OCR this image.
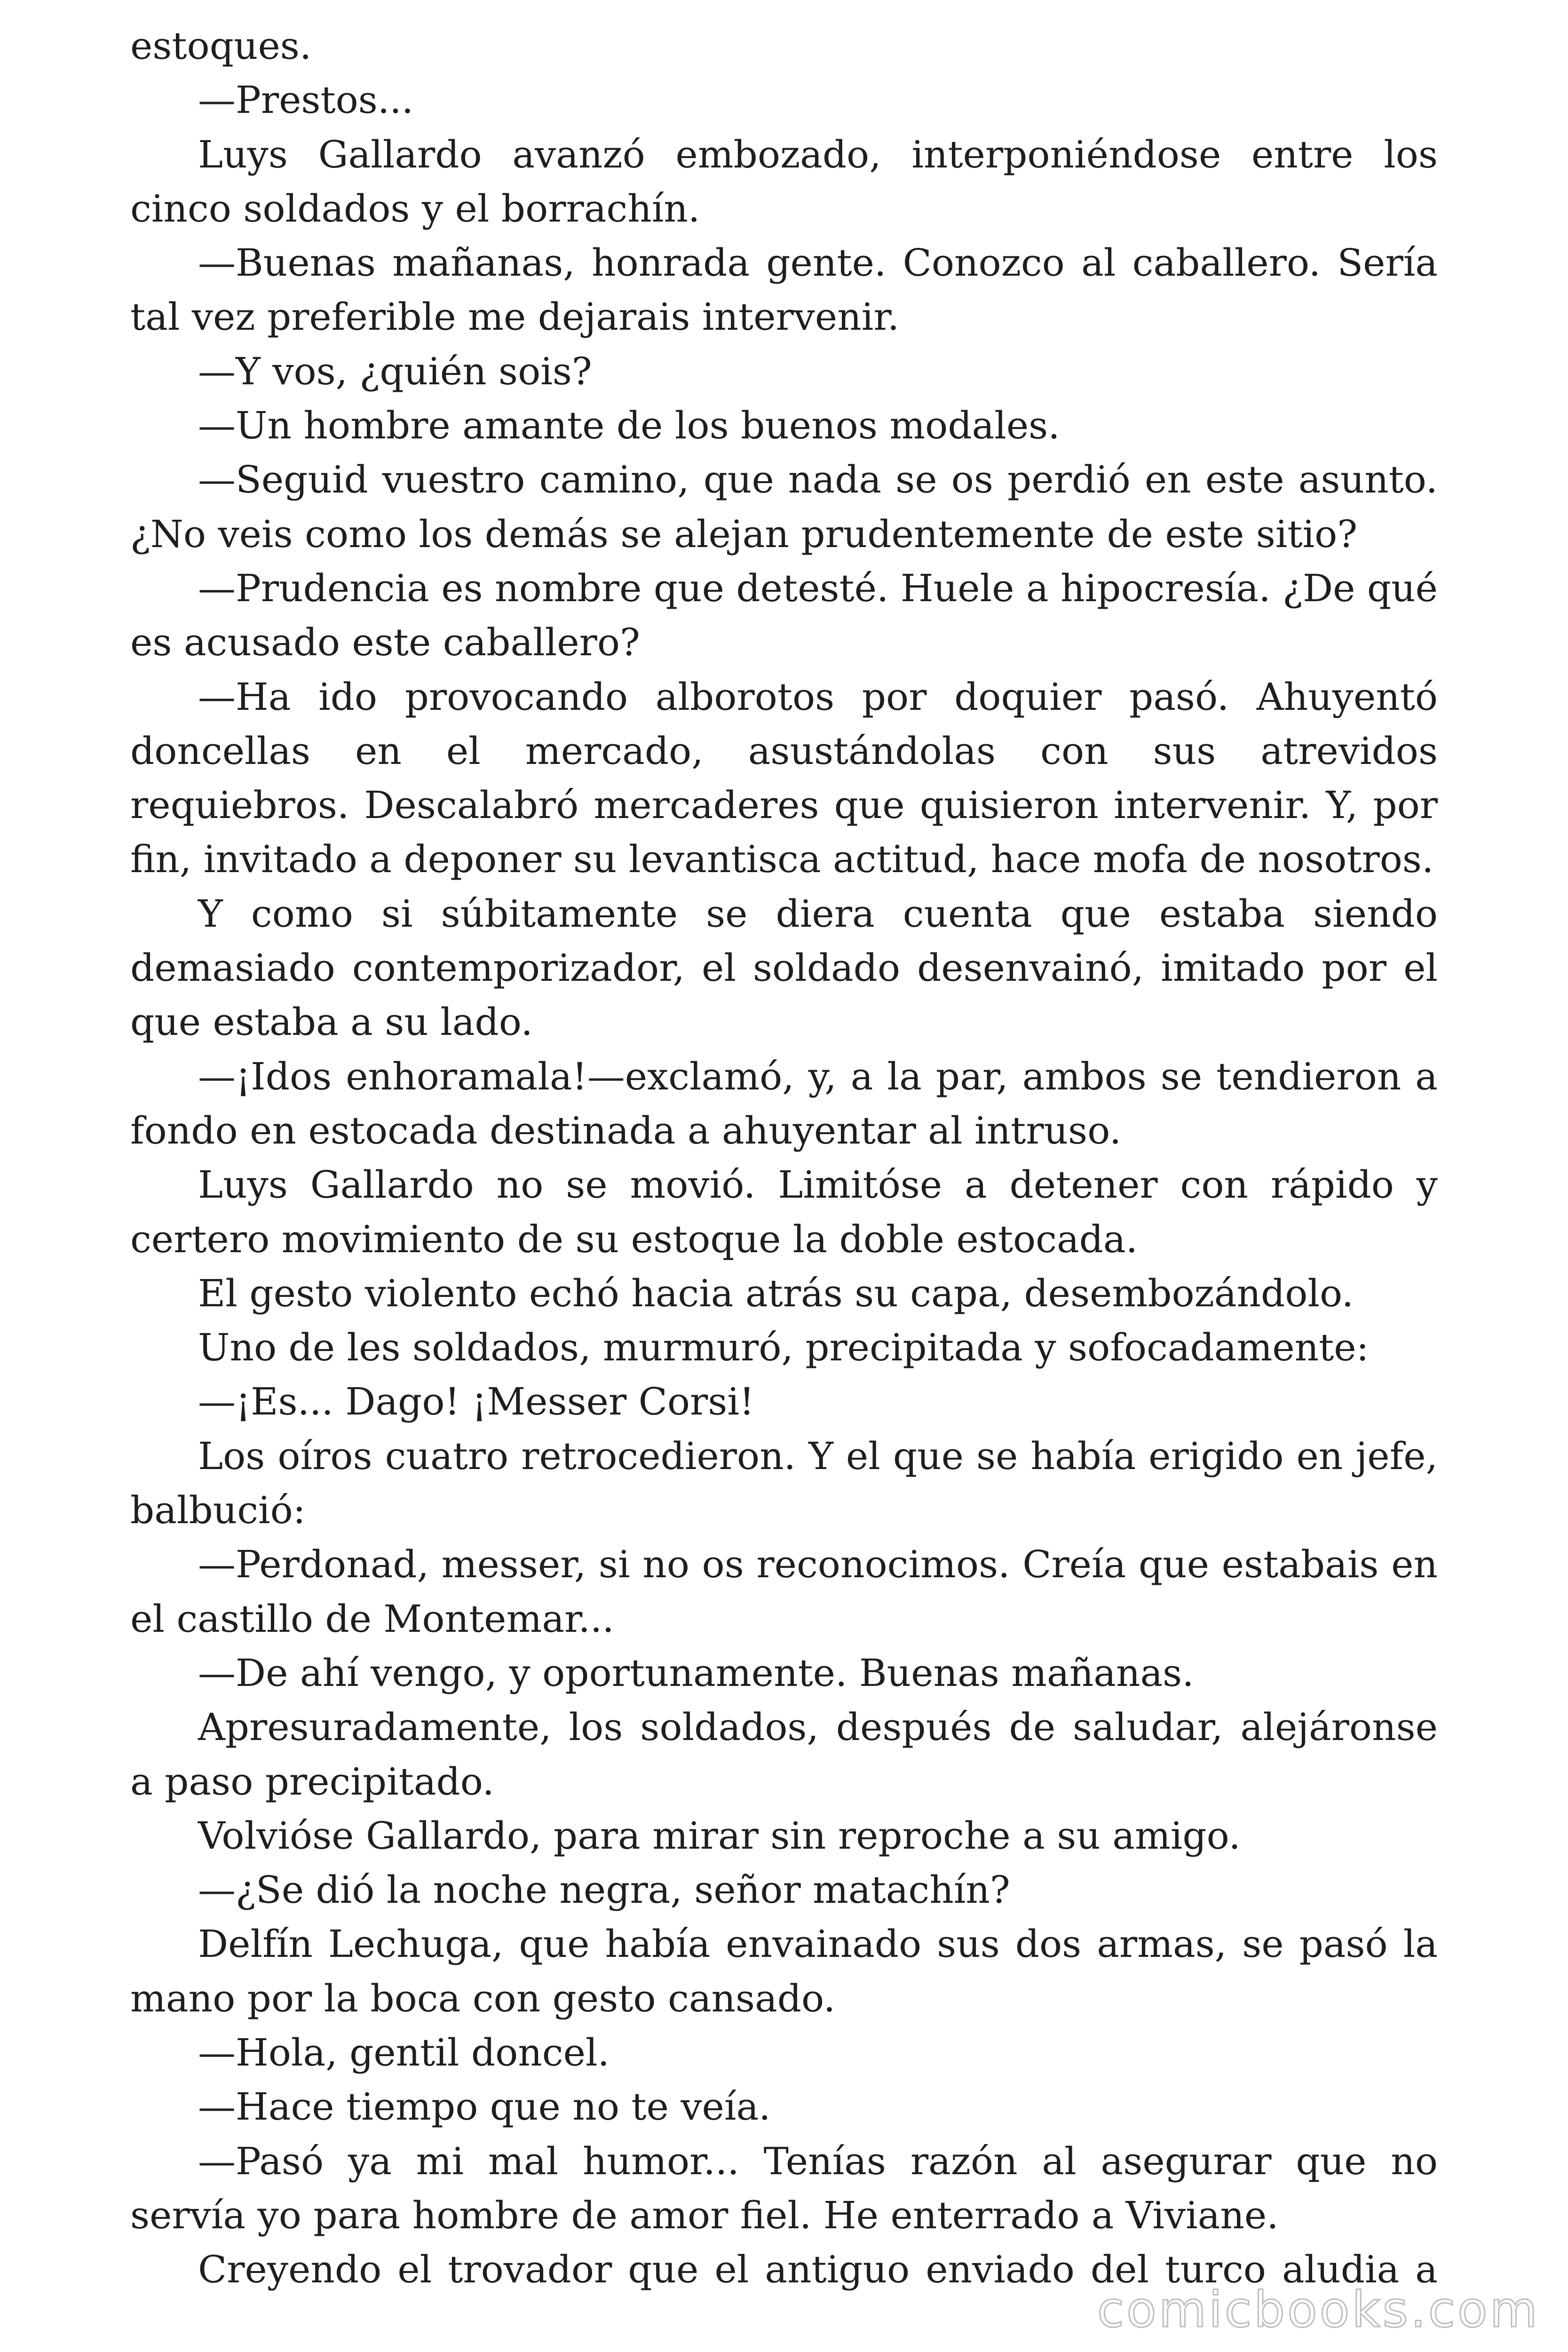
estoques.

—Prestos...

Luys Gallardo avanzó embozado, interponiéndose entre los cinco soldados y el borrachín.

—Buenas mañanas, honrada gente. Conozco al caballero. Sería tal vez preferible me dejarais intervenir.

—Y vos, ¿quién sois?

—Un hombre amante de los buenos modales.

—Seguid vuestro camino, que nada se os perdió en este asunto. ¿No veis como los demás se alejan prudentemente de este sitio?

—Prudencia es nombre que detesté. Huele a hipocresía. ¿De qué es acusado este caballero?

—Ha ido provocando alborotos por doquier pasó. Ahuyentó doncellas en el mercado, asustándolas con sus atrevidos requiebros. Descalabró mercaderes que quisieron intervenir. Y, por fin, invitado a deponer su levantisca actitud, hace mofa de nosotros.

Y como si súbitamente se diera cuenta que estaba siendo demasiado contemporizador, el soldado desenvainó, imitado por el que estaba a su lado.

—¡Idos enhoramala!—exclamó, y, a la par, ambos se tendieron a fondo en estocada destinada a ahuyentar al intruso.

Luys Gallardo no se movió. Limitóse a detener con rápido y certero movimiento de su estoque la doble estocada.

El gesto violento echó hacia atrás su capa, desembozándolo.

Uno de les soldados, murmuró, precipitada y sofocadamente:

—¡Es... Dago! ¡Messer Corsi!

Los oíros cuatro retrocedieron. Y el que se había erigido en jefe, balbució:

—Perdonad, messer, si no os reconocimos. Creía que estabais en el castillo de Montemar...

—De ahí vengo, y oportunamente. Buenas mañanas.

Apresuradamente, los soldados, después de saludar, alejáronse a paso precipitado.

Volvióse Gallardo, para mirar sin reproche a su amigo.

—¿Se dió la noche negra, señor matachín?

Delfín Lechuga, que había envainado sus dos armas, se pasó la mano por la boca con gesto cansado.

—Hola, gentil doncel.

—Hace tiempo que no te veía.

—Pasó ya mi mal humor... Tenías razón al asegurar que no servía yo para hombre de amor fiel. He enterrado a Viviane.

Creyendo el trovador que el antiguo enviado del turco aludia a

comicbooks.com
